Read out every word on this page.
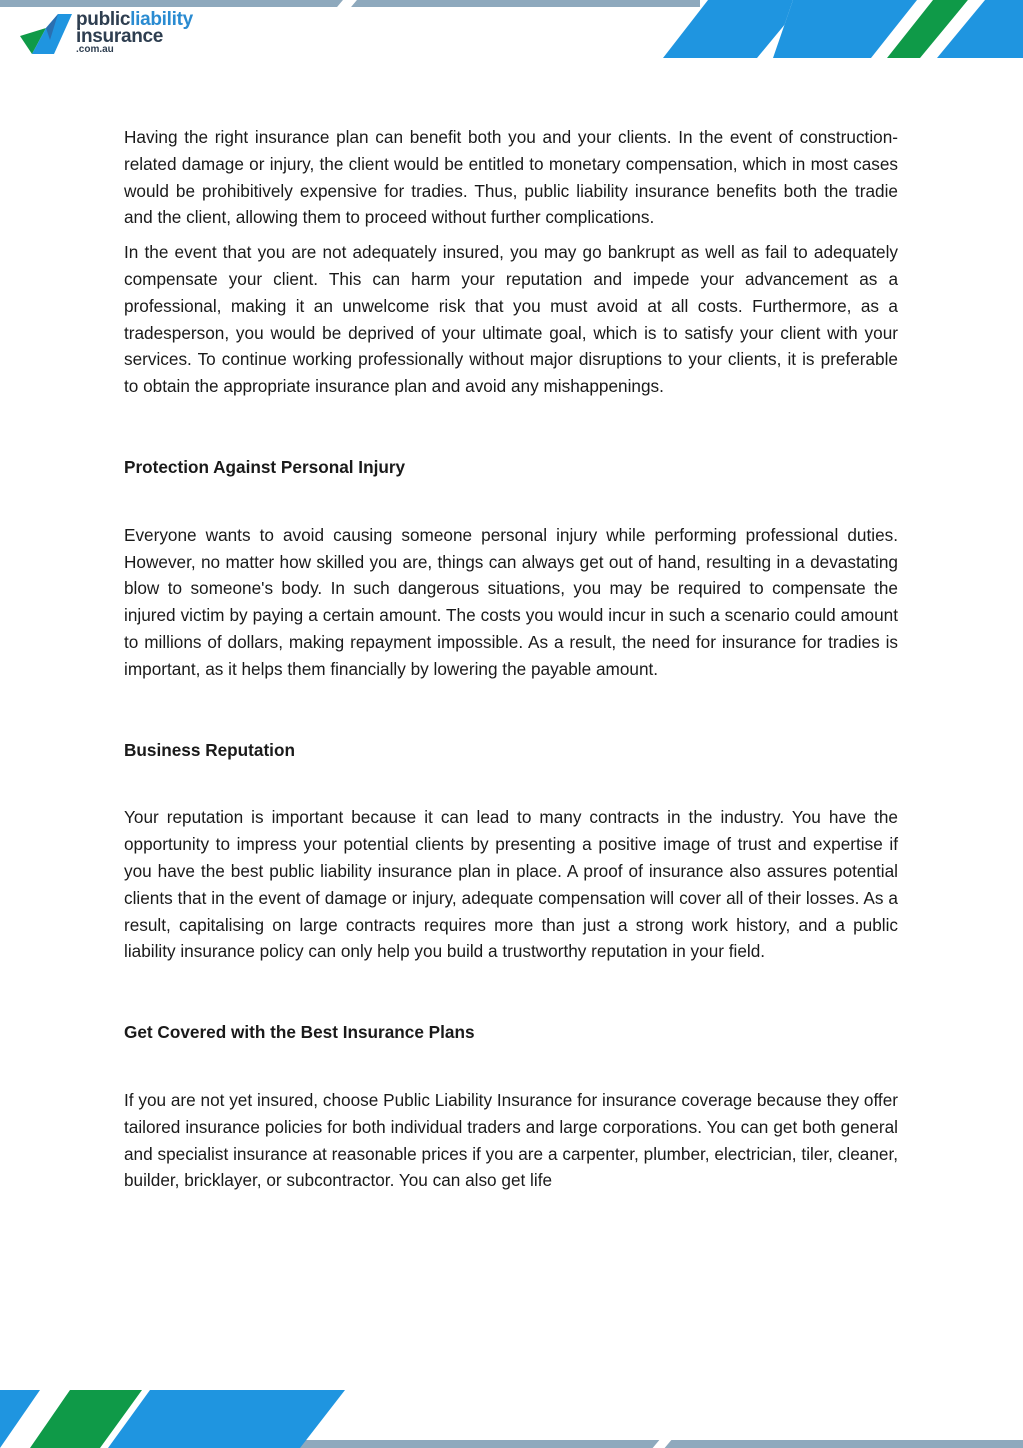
publicliability
insurance
.com.au

Having the right insurance plan can benefit both you and your clients. In the event of construction-related damage or injury, the client would be entitled to monetary compensation, which in most cases would be prohibitively expensive for tradies. Thus, public liability insurance benefits both the tradie and the client, allowing them to proceed without further complications.

In the event that you are not adequately insured, you may go bankrupt as well as fail to adequately compensate your client. This can harm your reputation and impede your advancement as a professional, making it an unwelcome risk that you must avoid at all costs. Furthermore, as a tradesperson, you would be deprived of your ultimate goal, which is to satisfy your client with your services. To continue working professionally without major disruptions to your clients, it is preferable to obtain the appropriate insurance plan and avoid any mishappenings.

Protection Against Personal Injury

Everyone wants to avoid causing someone personal injury while performing professional duties. However, no matter how skilled you are, things can always get out of hand, resulting in a devastating blow to someone's body. In such dangerous situations, you may be required to compensate the injured victim by paying a certain amount. The costs you would incur in such a scenario could amount to millions of dollars, making repayment impossible. As a result, the need for insurance for tradies is important, as it helps them financially by lowering the payable amount.

Business Reputation

Your reputation is important because it can lead to many contracts in the industry. You have the opportunity to impress your potential clients by presenting a positive image of trust and expertise if you have the best public liability insurance plan in place. A proof of insurance also assures potential clients that in the event of damage or injury, adequate compensation will cover all of their losses. As a result, capitalising on large contracts requires more than just a strong work history, and a public liability insurance policy can only help you build a trustworthy reputation in your field.

Get Covered with the Best Insurance Plans

If you are not yet insured, choose Public Liability Insurance for insurance coverage because they offer tailored insurance policies for both individual traders and large corporations. You can get both general and specialist insurance at reasonable prices if you are a carpenter, plumber, electrician, tiler, cleaner, builder, bricklayer, or subcontractor. You can also get life
